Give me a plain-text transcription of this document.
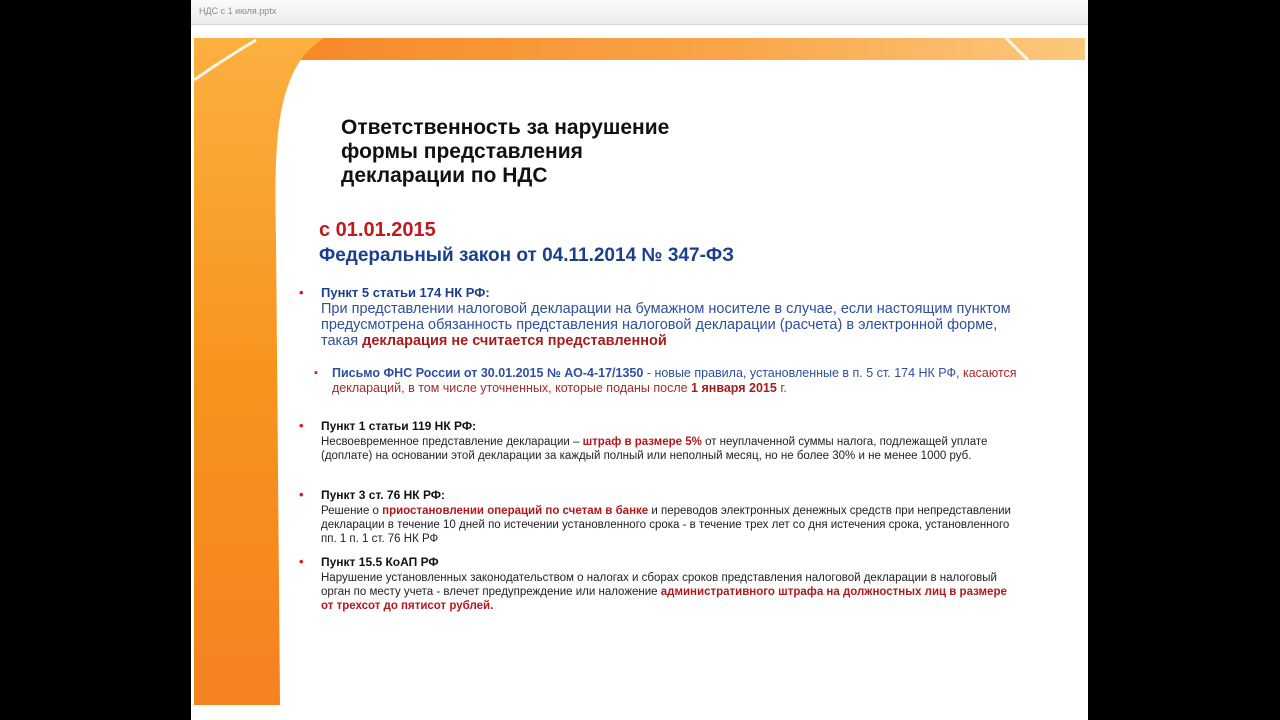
НДС с 1 июля.pptx
Ответственность за нарушение
формы представления
декларации по НДС
с 01.01.2015
Федеральный закон от 04.11.2014 № 347-ФЗ
• Пункт 5 статьи 174 НК РФ:
При представлении налоговой декларации на бумажном носителе в случае, если настоящим пунктом предусмотрена обязанность представления налоговой декларации (расчета) в электронной форме, такая декларация не считается представленной
▪ Письмо ФНС России от 30.01.2015 № АО-4-17/1350 - новые правила, установленные в п. 5 ст. 174 НК РФ, касаются деклараций, в том числе уточненных, которые поданы после 1 января 2015 г.
• Пункт 1 статьи 119 НК РФ:
Несвоевременное представление декларации – штраф в размере 5% от неуплаченной суммы налога, подлежащей уплате (доплате) на основании этой декларации за каждый полный или неполный месяц, но не более 30% и не менее 1000 руб.
• Пункт 3 ст. 76 НК РФ:
Решение о приостановлении операций по счетам в банке и переводов электронных денежных средств при непредставлении декларации в течение 10 дней по истечении установленного срока - в течение трех лет со дня истечения срока, установленного пп. 1 п. 1 ст. 76 НК РФ
• Пункт 15.5 КоАП РФ
Нарушение установленных законодательством о налогах и сборах сроков представления налоговой декларации в налоговый орган по месту учета - влечет предупреждение или наложение административного штрафа на должностных лиц в размере от трехсот до пятисот рублей.
